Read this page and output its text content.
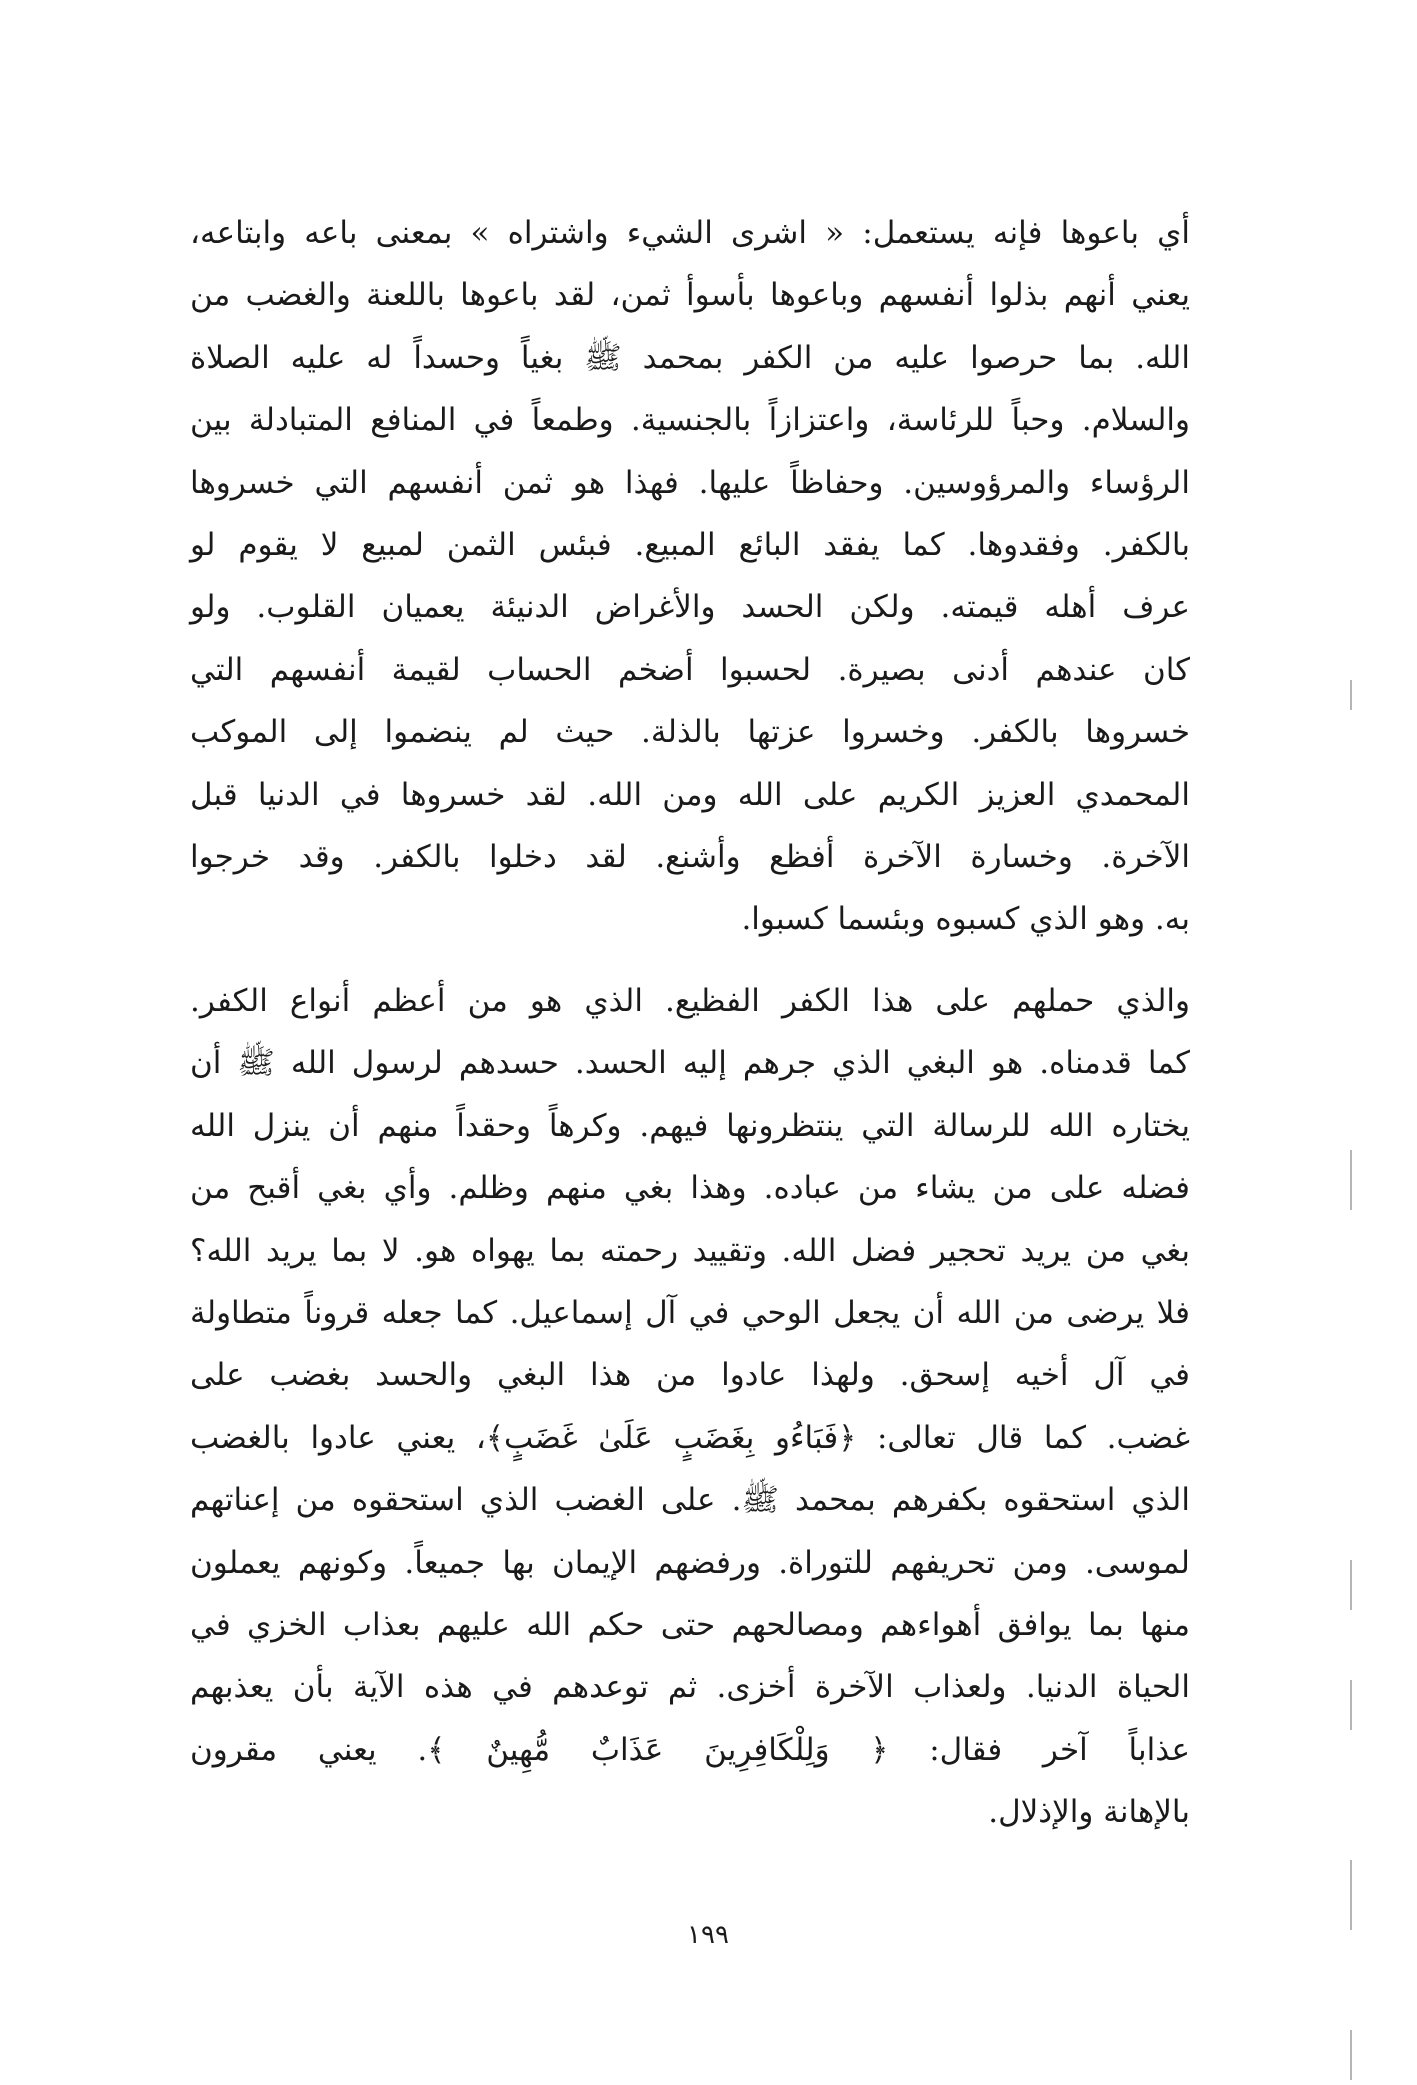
أي باعوها فإنه يستعمل: « اشرى الشيء واشتراه » بمعنى باعه وابتاعه،
يعني أنهم بذلوا أنفسهم وباعوها بأسوأ ثمن، لقد باعوها باللعنة والغضب من
الله. بما حرصوا عليه من الكفر بمحمد ﷺ بغياً وحسداً له عليه الصلاة
والسلام. وحباً للرئاسة، واعتزازاً بالجنسية. وطمعاً في المنافع المتبادلة بين
الرؤساء والمرؤوسين. وحفاظاً عليها. فهذا هو ثمن أنفسهم التي خسروها
بالكفر. وفقدوها. كما يفقد البائع المبيع. فبئس الثمن لمبيع لا يقوم لو
عرف أهله قيمته. ولكن الحسد والأغراض الدنيئة يعميان القلوب. ولو
كان عندهم أدنى بصيرة. لحسبوا أضخم الحساب لقيمة أنفسهم التي
خسروها بالكفر. وخسروا عزتها بالذلة. حيث لم ينضموا إلى الموكب
المحمدي العزيز الكريم على الله ومن الله. لقد خسروها في الدنيا قبل
الآخرة. وخسارة الآخرة أفظع وأشنع. لقد دخلوا بالكفر. وقد خرجوا
به. وهو الذي كسبوه وبئسما كسبوا.
والذي حملهم على هذا الكفر الفظيع. الذي هو من أعظم أنواع الكفر.
كما قدمناه. هو البغي الذي جرهم إليه الحسد. حسدهم لرسول الله ﷺ أن
يختاره الله للرسالة التي ينتظرونها فيهم. وكرهاً وحقداً منهم أن ينزل الله
فضله على من يشاء من عباده. وهذا بغي منهم وظلم. وأي بغي أقبح من
بغي من يريد تحجير فضل الله. وتقييد رحمته بما يهواه هو. لا بما يريد الله؟
فلا يرضى من الله أن يجعل الوحي في آل إسماعيل. كما جعله قروناً متطاولة
في آل أخيه إسحق. ولهذا عادوا من هذا البغي والحسد بغضب على
غضب. كما قال تعالى: ﴿فَبَاءُو بِغَضَبٍ عَلَىٰ غَضَبٍ﴾، يعني عادوا بالغضب
الذي استحقوه بكفرهم بمحمد ﷺ. على الغضب الذي استحقوه من إعناتهم
لموسى. ومن تحريفهم للتوراة. ورفضهم الإيمان بها جميعاً. وكونهم يعملون
منها بما يوافق أهواءهم ومصالحهم حتى حكم الله عليهم بعذاب الخزي في
الحياة الدنيا. ولعذاب الآخرة أخزى. ثم توعدهم في هذه الآية بأن يعذبهم
عذاباً آخر فقال: ﴿ وَلِلْكَافِرِينَ عَذَابٌ مُّهِينٌ ﴾. يعني مقرون
بالإهانة والإذلال.
١٩٩
